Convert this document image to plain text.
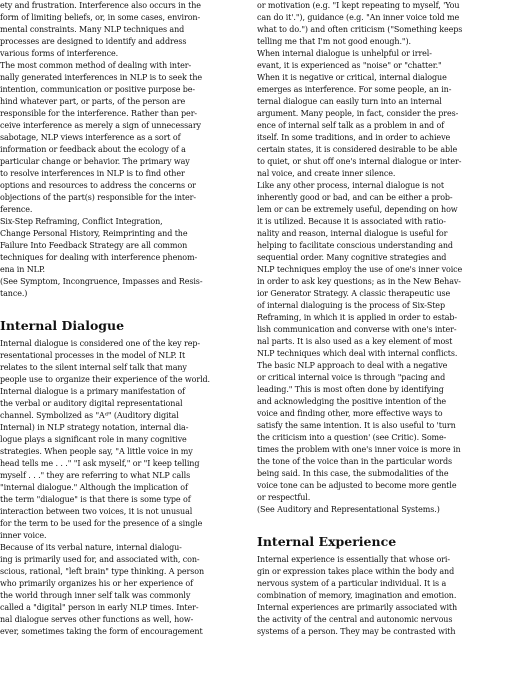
ety and frustration. Interference also occurs in the
form of limiting beliefs, or, in some cases, environ-
mental constraints. Many NLP techniques and
processes are designed to identify and address
various forms of interference.
The most common method of dealing with inter-
nally generated interferences in NLP is to seek the
intention, communication or positive purpose be-
hind whatever part, or parts, of the person are
responsible for the interference. Rather than per-
ceive interference as merely a sign of unnecessary
sabotage, NLP views interference as a sort of
information or feedback about the ecology of a
particular change or behavior. The primary way
to resolve interferences in NLP is to find other
options and resources to address the concerns or
objections of the part(s) responsible for the inter-
ference.
Six-Step Reframing, Conflict Integration,
Change Personal History, Reimprinting and the
Failure Into Feedback Strategy are all common
techniques for dealing with interference phenom-
ena in NLP.
(See Symptom, Incongruence, Impasses and Resis-
tance.)
Internal Dialogue
Internal dialogue is considered one of the key rep-
resentational processes in the model of NLP. It
relates to the silent internal self talk that many
people use to organize their experience of the world.
Internal dialogue is a primary manifestation of
the verbal or auditory digital representational
channel. Symbolized as "Aᵈ" (Auditory digital
Internal) in NLP strategy notation, internal dia-
logue plays a significant role in many cognitive
strategies. When people say, "A little voice in my
head tells me . . ." "I ask myself," or "I keep telling
myself . . ." they are referring to what NLP calls
"internal dialogue." Although the implication of
the term "dialogue" is that there is some type of
interaction between two voices, it is not unusual
for the term to be used for the presence of a single
inner voice.
Because of its verbal nature, internal dialogu-
ing is primarily used for, and associated with, con-
scious, rational, "left brain" type thinking. A person
who primarily organizes his or her experience of
the world through inner self talk was commonly
called a "digital" person in early NLP times. Inter-
nal dialogue serves other functions as well, how-
ever, sometimes taking the form of encouragement
or motivation (e.g. "I kept repeating to myself, 'You
can do it'."), guidance (e.g. "An inner voice told me
what to do.") and often criticism ("Something keeps
telling me that I'm not good enough.").
When internal dialogue is unhelpful or irrel-
evant, it is experienced as "noise" or "chatter."
When it is negative or critical, internal dialogue
emerges as interference. For some people, an in-
ternal dialogue can easily turn into an internal
argument. Many people, in fact, consider the pres-
ence of internal self talk as a problem in and of
itself. In some traditions, and in order to achieve
certain states, it is considered desirable to be able
to quiet, or shut off one's internal dialogue or inter-
nal voice, and create inner silence.
Like any other process, internal dialogue is not
inherently good or bad, and can be either a prob-
lem or can be extremely useful, depending on how
it is utilized. Because it is associated with ratio-
nality and reason, internal dialogue is useful for
helping to facilitate conscious understanding and
sequential order. Many cognitive strategies and
NLP techniques employ the use of one's inner voice
in order to ask key questions; as in the New Behav-
ior Generator Strategy. A classic therapeutic use
of internal dialoguing is the process of Six-Step
Reframing, in which it is applied in order to estab-
lish communication and converse with one's inter-
nal parts. It is also used as a key element of most
NLP techniques which deal with internal conflicts.
The basic NLP approach to deal with a negative
or critical internal voice is through "pacing and
leading." This is most often done by identifying
and acknowledging the positive intention of the
voice and finding other, more effective ways to
satisfy the same intention. It is also useful to 'turn
the criticism into a question' (see Critic). Some-
times the problem with one's inner voice is more in
the tone of the voice than in the particular words
being said. In this case, the submodalities of the
voice tone can be adjusted to become more gentle
or respectful.
(See Auditory and Representational Systems.)
Internal Experience
Internal experience is essentially that whose ori-
gin or expression takes place within the body and
nervous system of a particular individual. It is a
combination of memory, imagination and emotion.
Internal experiences are primarily associated with
the activity of the central and autonomic nervous
systems of a person. They may be contrasted with
